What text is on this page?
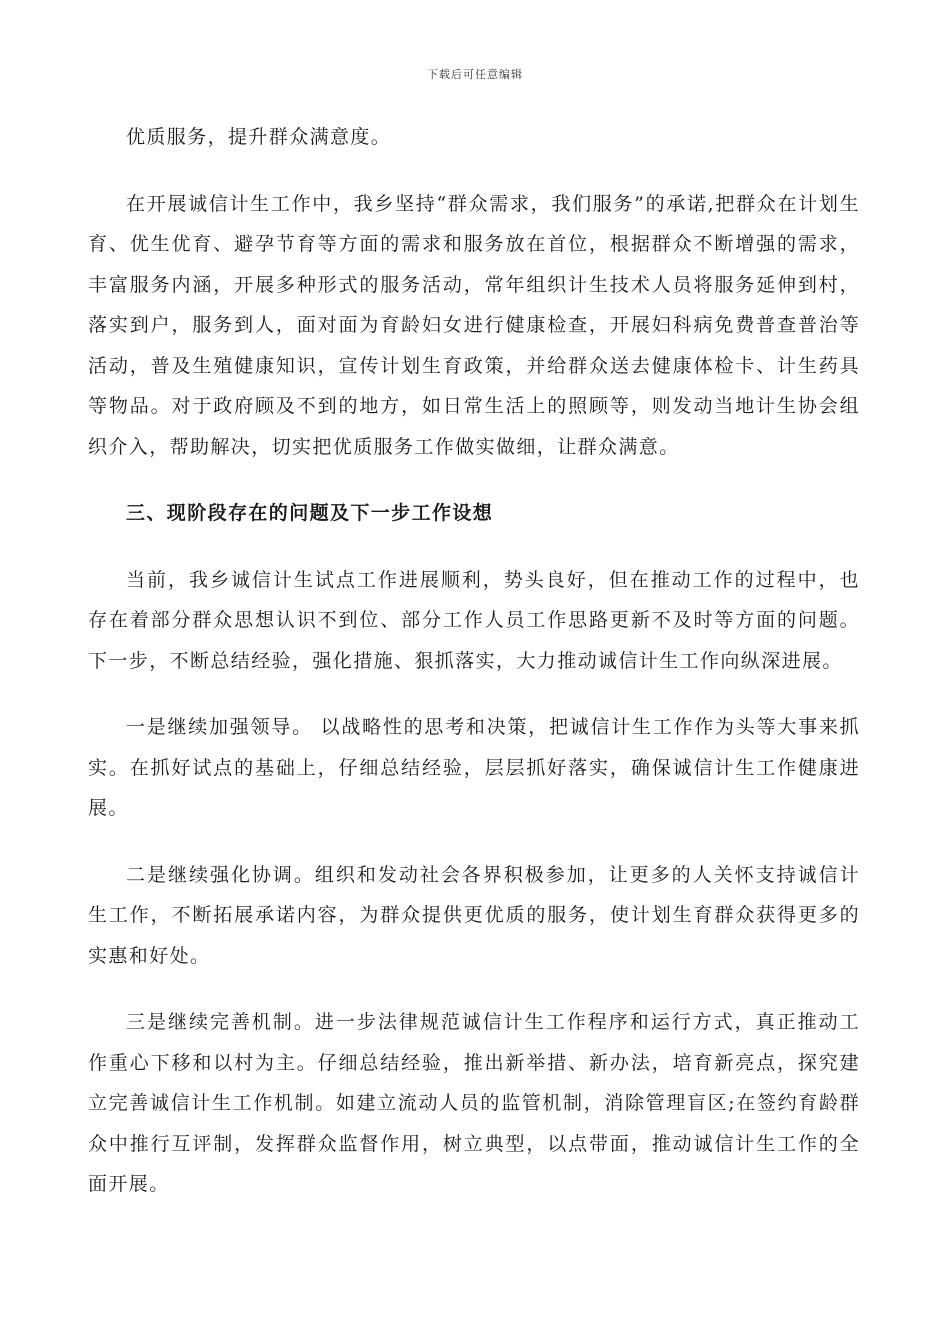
下载后可任意编辑

优质服务，提升群众满意度。

在开展诚信计生工作中，我乡坚持“群众需求，我们服务”的承诺,把群众在计划生育、优生优育、避孕节育等方面的需求和服务放在首位，根据群众不断增强的需求，丰富服务内涵，开展多种形式的服务活动，常年组织计生技术人员将服务延伸到村，落实到户，服务到人，面对面为育龄妇女进行健康检查，开展妇科病免费普查普治等活动，普及生殖健康知识，宣传计划生育政策，并给群众送去健康体检卡、计生药具等物品。对于政府顾及不到的地方，如日常生活上的照顾等，则发动当地计生协会组织介入，帮助解决，切实把优质服务工作做实做细，让群众满意。

三、现阶段存在的问题及下一步工作设想

当前，我乡诚信计生试点工作进展顺利，势头良好，但在推动工作的过程中，也存在着部分群众思想认识不到位、部分工作人员工作思路更新不及时等方面的问题。下一步，不断总结经验，强化措施、狠抓落实，大力推动诚信计生工作向纵深进展。

一是继续加强领导。 以战略性的思考和决策，把诚信计生工作作为头等大事来抓实。在抓好试点的基础上，仔细总结经验，层层抓好落实，确保诚信计生工作健康进展。

二是继续强化协调。组织和发动社会各界积极参加，让更多的人关怀支持诚信计生工作，不断拓展承诺内容，为群众提供更优质的服务，使计划生育群众获得更多的实惠和好处。

三是继续完善机制。进一步法律规范诚信计生工作程序和运行方式，真正推动工作重心下移和以村为主。仔细总结经验，推出新举措、新办法，培育新亮点，探究建立完善诚信计生工作机制。如建立流动人员的监管机制，消除管理盲区;在签约育龄群众中推行互评制，发挥群众监督作用，树立典型，以点带面，推动诚信计生工作的全面开展。
